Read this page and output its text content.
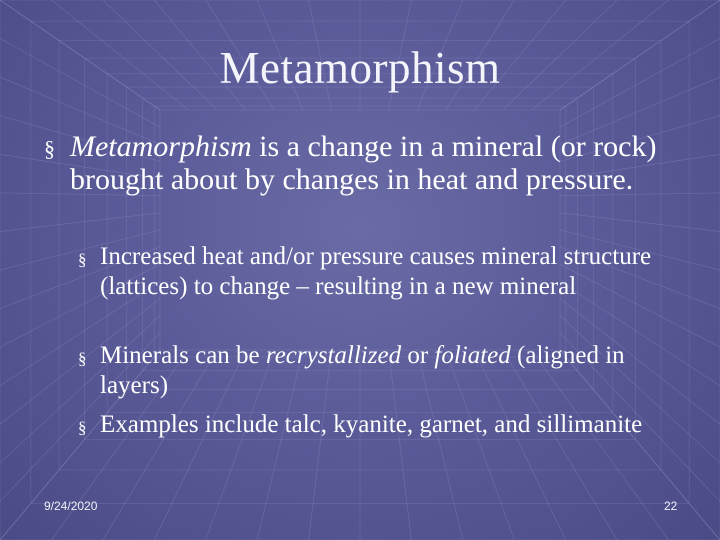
Metamorphism
§ Metamorphism is a change in a mineral (or rock) brought about by changes in heat and pressure.
§ Increased heat and/or pressure causes mineral structure (lattices) to change – resulting in a new mineral
§ Minerals can be recrystallized or foliated (aligned in layers)
§ Examples include talc, kyanite, garnet, and sillimanite
9/24/2020	22
